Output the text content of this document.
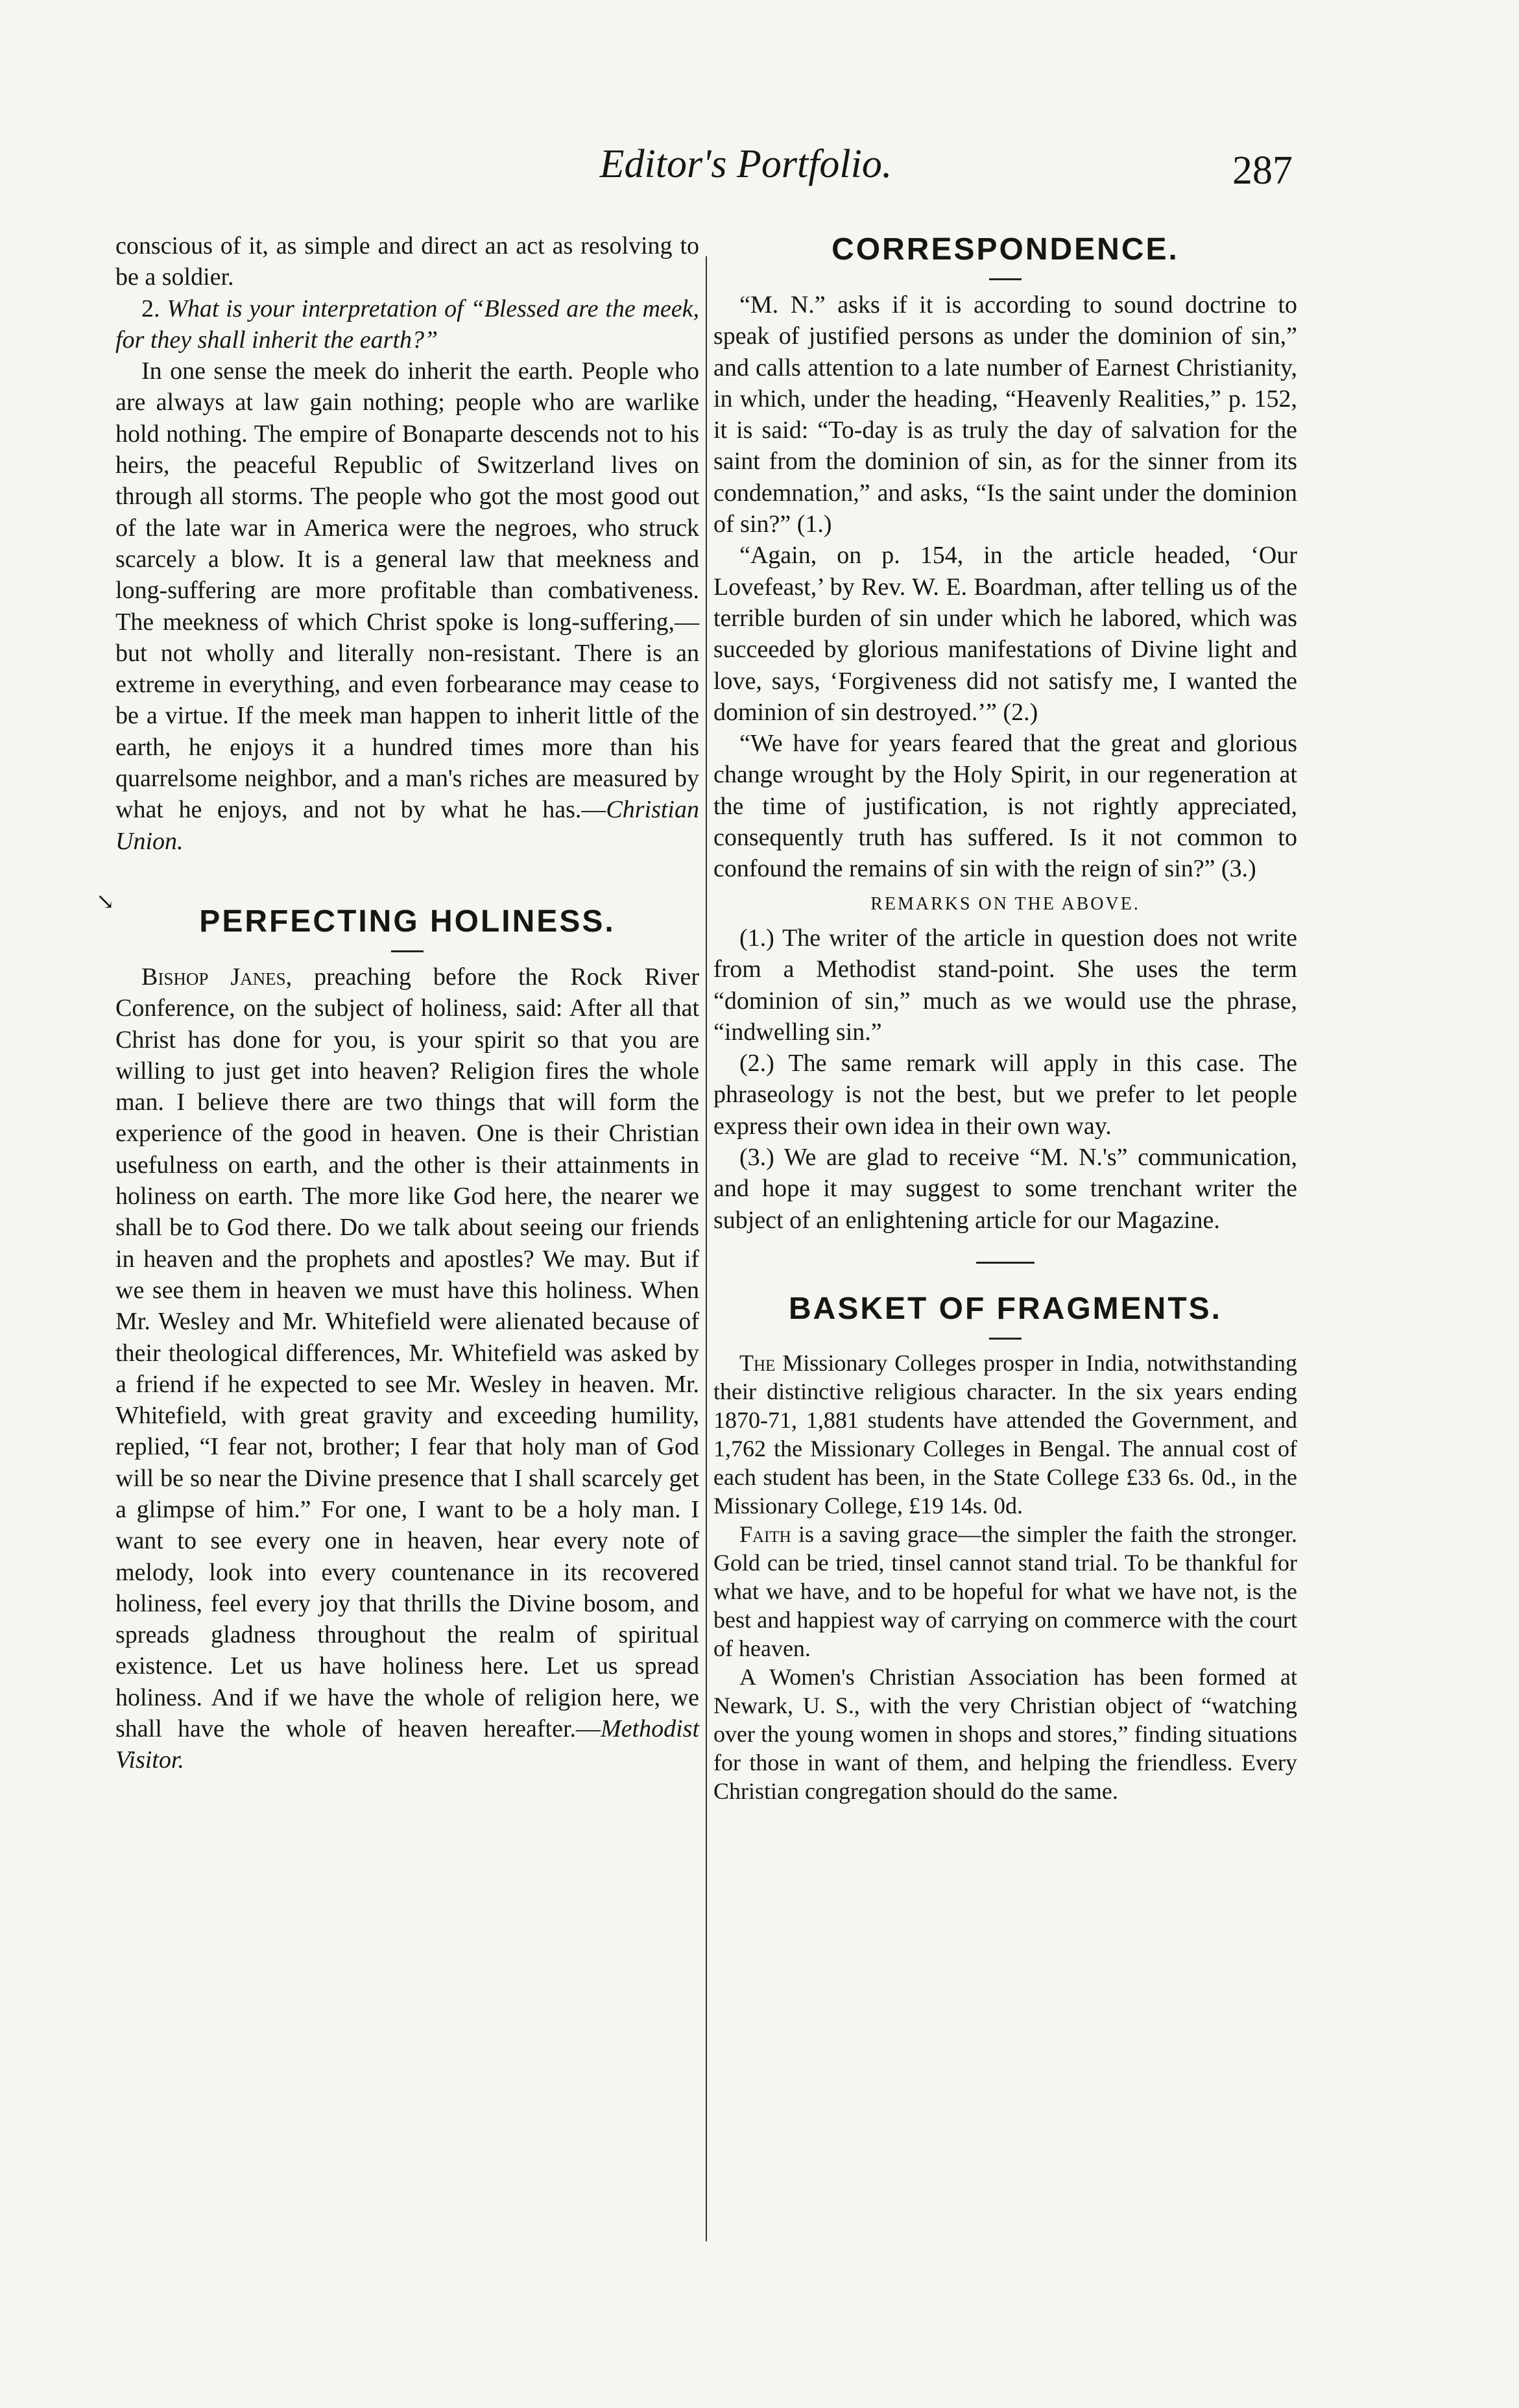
Editor's Portfolio.	287
↘

conscious of it, as simple and direct an act as resolving to be a soldier.

2. What is your interpretation of “Blessed are the meek, for they shall inherit the earth?”

In one sense the meek do inherit the earth. People who are always at law gain nothing; people who are warlike hold nothing. The empire of Bonaparte descends not to his heirs, the peaceful Republic of Switzerland lives on through all storms. The people who got the most good out of the late war in America were the negroes, who struck scarcely a blow. It is a general law that meekness and long-suffering are more profitable than combativeness. The meekness of which Christ spoke is long-suffering,—but not wholly and literally non-resistant. There is an extreme in everything, and even forbearance may cease to be a virtue. If the meek man happen to inherit little of the earth, he enjoys it a hundred times more than his quarrelsome neighbor, and a man's riches are measured by what he enjoys, and not by what he has.—Christian Union.

PERFECTING HOLINESS.

Bishop Janes, preaching before the Rock River Conference, on the subject of holiness, said: After all that Christ has done for you, is your spirit so that you are willing to just get into heaven? Religion fires the whole man. I believe there are two things that will form the experience of the good in heaven. One is their Christian usefulness on earth, and the other is their attainments in holiness on earth. The more like God here, the nearer we shall be to God there. Do we talk about seeing our friends in heaven and the prophets and apostles? We may. But if we see them in heaven we must have this holiness. When Mr. Wesley and Mr. Whitefield were alienated because of their theological differences, Mr. Whitefield was asked by a friend if he expected to see Mr. Wesley in heaven. Mr. Whitefield, with great gravity and exceeding humility, replied, “I fear not, brother; I fear that holy man of God will be so near the Divine presence that I shall scarcely get a glimpse of him.” For one, I want to be a holy man. I want to see every one in heaven, hear every note of melody, look into every countenance in its recovered holiness, feel every joy that thrills the Divine bosom, and spreads gladness throughout the realm of spiritual existence. Let us have holiness here. Let us spread holiness. And if we have the whole of religion here, we shall have the whole of heaven hereafter.—Methodist Visitor.

CORRESPONDENCE.

“M. N.” asks if it is according to sound doctrine to speak of justified persons as under the dominion of sin,” and calls attention to a late number of Earnest Christianity, in which, under the heading, “Heavenly Realities,” p. 152, it is said: “To-day is as truly the day of salvation for the saint from the dominion of sin, as for the sinner from its condemnation,” and asks, “Is the saint under the dominion of sin?” (1.)

“Again, on p. 154, in the article headed, ‘Our Lovefeast,’ by Rev. W. E. Boardman, after telling us of the terrible burden of sin under which he labored, which was succeeded by glorious manifestations of Divine light and love, says, ‘Forgiveness did not satisfy me, I wanted the dominion of sin destroyed.’” (2.)

“We have for years feared that the great and glorious change wrought by the Holy Spirit, in our regeneration at the time of justification, is not rightly appreciated, consequently truth has suffered. Is it not common to confound the remains of sin with the reign of sin?” (3.)

REMARKS ON THE ABOVE.

(1.) The writer of the article in question does not write from a Methodist stand-point. She uses the term “dominion of sin,” much as we would use the phrase, “indwelling sin.”

(2.) The same remark will apply in this case. The phraseology is not the best, but we prefer to let people express their own idea in their own way.

(3.) We are glad to receive “M. N.'s” communication, and hope it may suggest to some trenchant writer the subject of an enlightening article for our Magazine.

BASKET OF FRAGMENTS.

The Missionary Colleges prosper in India, notwithstanding their distinctive religious character. In the six years ending 1870-71, 1,881 students have attended the Government, and 1,762 the Missionary Colleges in Bengal. The annual cost of each student has been, in the State College £33 6s. 0d., in the Missionary College, £19 14s. 0d.

Faith is a saving grace—the simpler the faith the stronger. Gold can be tried, tinsel cannot stand trial. To be thankful for what we have, and to be hopeful for what we have not, is the best and happiest way of carrying on commerce with the court of heaven.

A Women's Christian Association has been formed at Newark, U. S., with the very Christian object of “watching over the young women in shops and stores,” finding situations for those in want of them, and helping the friendless. Every Christian congregation should do the same.
